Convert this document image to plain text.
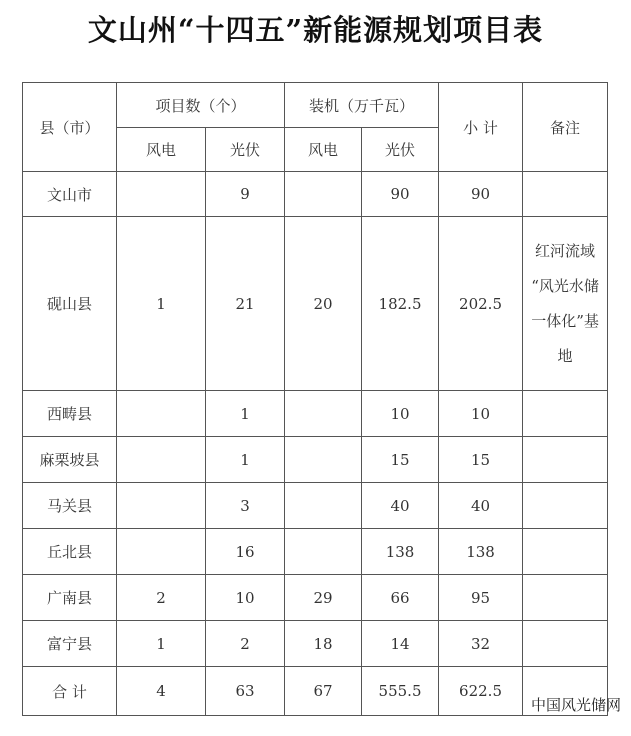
文山州“十四五”新能源规划项目表
县（市）	项目数（个）		装机（万千瓦）		小 计	备注
	风电	光伏	风电	光伏		
文山市		9		90	90	
砚山县	1	21	20	182.5	202.5	红河流域
“风光水储
一体化”基
地

西畴县		1		10	10	
麻栗坡县		1		15	15	
马关县		3		40	40	
丘北县		16		138	138	
广南县	2	10	29	66	95	
富宁县	1	2	18	14	32	
合 计	4	63	67	555.5	622.5	
中国风光储网
